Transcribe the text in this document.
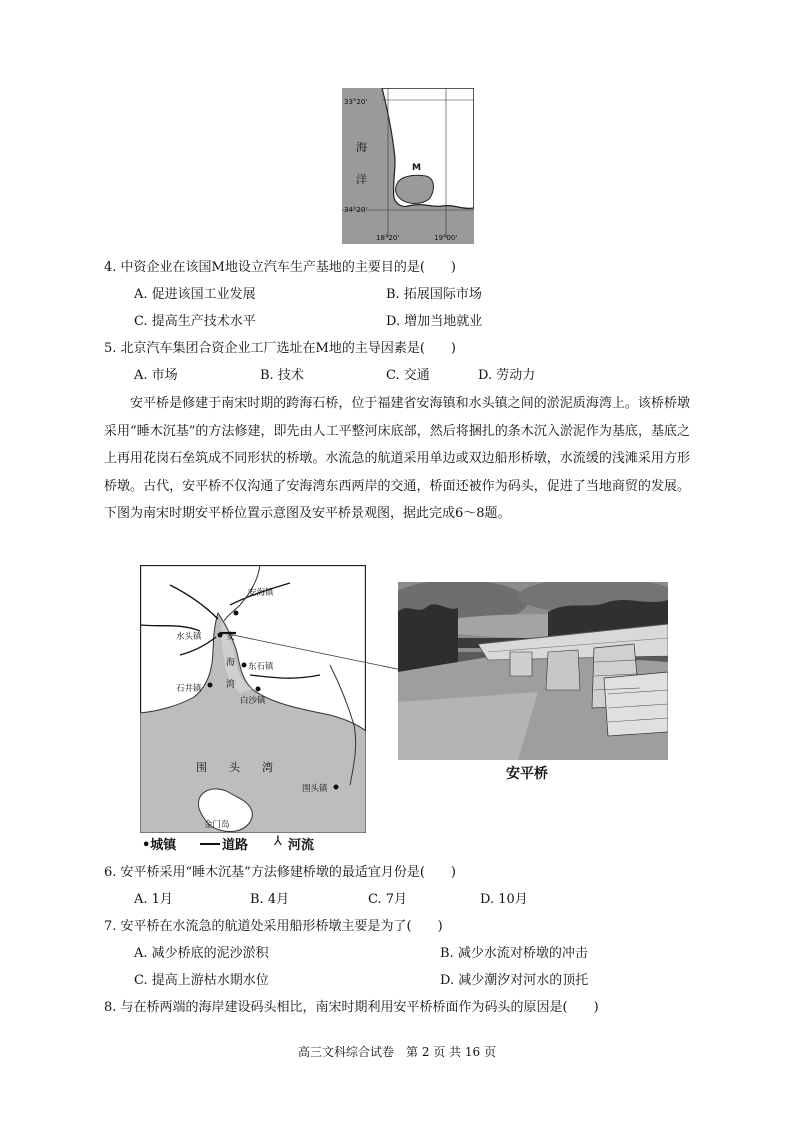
33°20'
34°20'
18°20'	19°00'
海
洋
M
4. 中资企业在该国M地设立汽车生产基地的主要目的是(　　)
A. 促进该国工业发展	B. 拓展国际市场
C. 提高生产技术水平	D. 增加当地就业
5. 北京汽车集团合资企业工厂选址在M地的主导因素是(　　)
A. 市场	B. 技术	C. 交通	D. 劳动力
安平桥是修建于南宋时期的跨海石桥，位于福建省安海镇和水头镇之间的淤泥质海湾上。该桥桥墩采用“睡木沉基”的方法修建，即先由人工平整河床底部，然后将捆扎的条木沉入淤泥作为基底，基底之上再用花岗石垒筑成不同形状的桥墩。水流急的航道采用单边或双边船形桥墩，水流缓的浅滩采用方形桥墩。古代，安平桥不仅沟通了安海湾东西两岸的交通，桥面还被作为码头，促进了当地商贸的发展。下图为南宋时期安平桥位置示意图及安平桥景观图，据此完成6～8题。
安海镇
水头镇	安
海
湾
东石镇
石井镇
白沙镇
围　　头　　湾
围头镇
金门岛
•城镇	道路 ⅄ 河流
安平桥
6. 安平桥采用“睡木沉基”方法修建桥墩的最适宜月份是(　　)
A. 1月	B. 4月	C. 7月	D. 10月
7. 安平桥在水流急的航道处采用船形桥墩主要是为了(　　)
A. 减少桥底的泥沙淤积	B. 减少水流对桥墩的冲击
C. 提高上游枯水期水位	D. 减少潮汐对河水的顶托
8. 与在桥两端的海岸建设码头相比，南宋时期利用安平桥桥面作为码头的原因是(　　)
高三文科综合试卷　第 2 页 共 16 页
